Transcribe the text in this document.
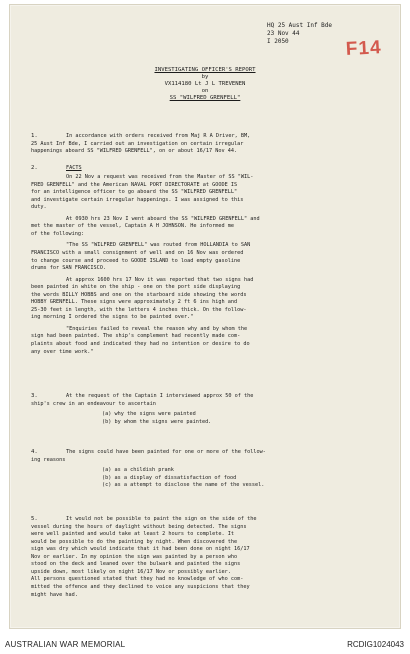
HQ 25 Aust Inf Bde
23 Nov 44
I 2050	F14
INVESTIGATING OFFICER'S REPORT
by
VX114180 Lt J L TREVENEN
on
SS "WILFRED GRENFELL"
1.	In accordance with orders received from Maj R A Driver, BM,
25 Aust Inf Bde, I carried out an investigation on certain irregular
happenings aboard SS "WILFRED GRENFELL", on or about 16/17 Nov 44.
2.	FACTS
On 22 Nov a request was received from the Master of SS "WIL-
FRED GRENFELL" and the American NAVAL PORT DIRECTORATE at GOODE IS
for an intelligence officer to go aboard the SS "WILFRED GRENFELL"
and investigate certain irregular happenings. I was assigned to this
duty.
At 0930 hrs 23 Nov I went aboard the SS "WILFRED GRENFELL" and
met the master of the vessel, Captain A H JOHNSON. He informed me
of the following:
"The SS "WILFRED GRENFELL" was routed from HOLLANDIA to SAN
FRANCISCO with a small consignment of well and on 16 Nov was ordered
to change course and proceed to GOODE ISLAND to load empty gasoline
drums for SAN FRANCISCO.
At approx 1600 hrs 17 Nov it was reported that two signs had
been painted in white on the ship - one on the port side displaying
the words BILLY HOBBS and one on the starboard side showing the words
HOBBY GRENFELL. These signs were approximately 2 ft 6 ins high and
25-30 feet in length, with the letters 4 inches thick. On the follow-
ing morning I ordered the signs to be painted over."
"Enquiries failed to reveal the reason why and by whom the
sign had been painted. The ship's complement had recently made com-
plaints about food and indicated they had no intention or desire to do
any over time work."
3.	At the request of the Captain I interviewed approx 50 of the
ship's crew in an endeavour to ascertain
(a) why the signs were painted
(b) by whom the signs were painted.
4.	The signs could have been painted for one or more of the follow-
ing reasons
(a) as a childish prank
(b) as a display of dissatisfaction of food
(c) as a attempt to disclose the name of the vessel.
5.	It would not be possible to paint the sign on the side of the
vessel during the hours of daylight without being detected. The signs
were well painted and would take at least 2 hours to complete. It
would be possible to do the painting by night. When discovered the
sign was dry which would indicate that it had been done on night 16/17
Nov or earlier. In my opinion the sign was painted by a person who
stood on the deck and leaned over the bulwark and painted the signs
upside down, most likely on night 16/17 Nov or possibly earlier.
All persons questioned stated that they had no knowledge of who com-
mitted the offence and they declined to voice any suspicions that they
might have had.
AUSTRALIAN WAR MEMORIAL	RCDIG1024043
